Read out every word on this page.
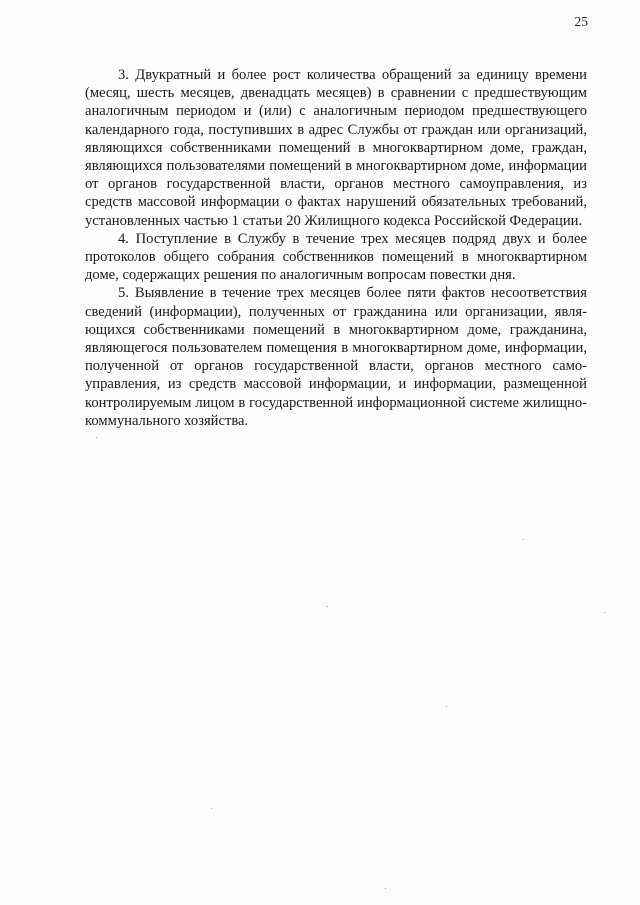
25

3. Двукратный и более рост количества обращений за единицу времени (месяц, шесть месяцев, двенадцать месяцев) в сравнении с предшествующим аналогичным периодом и (или) с аналогичным периодом предшествующего календарного года, поступивших в адрес Службы от граждан или организаций, являющихся собственниками помещений в многоквартирном доме, граждан, являющихся пользователями помещений в многоквартирном доме, информации от органов государственной власти, органов местного самоуправления, из средств массовой информации о фактах нарушений обязательных требований, установленных частью 1 статьи 20 Жилищного кодекса Российской Федерации.

4. Поступление в Службу в течение трех месяцев подряд двух и более протоколов общего собрания собственников помещений в многоквартирном доме, содержащих решения по аналогичным вопросам повестки дня.

5. Выявление в течение трех месяцев более пяти фактов несоответствия сведений (информации), полученных от гражданина или организации, являющихся собственниками помещений в многоквартирном доме, гражданина, являющегося пользователем помещения в многоквартирном доме, информации, полученной от органов государственной власти, органов местного самоуправления, из средств массовой информации, и информации, размещенной контролируемым лицом в государственной информационной системе жилищно-коммунального хозяйства.
